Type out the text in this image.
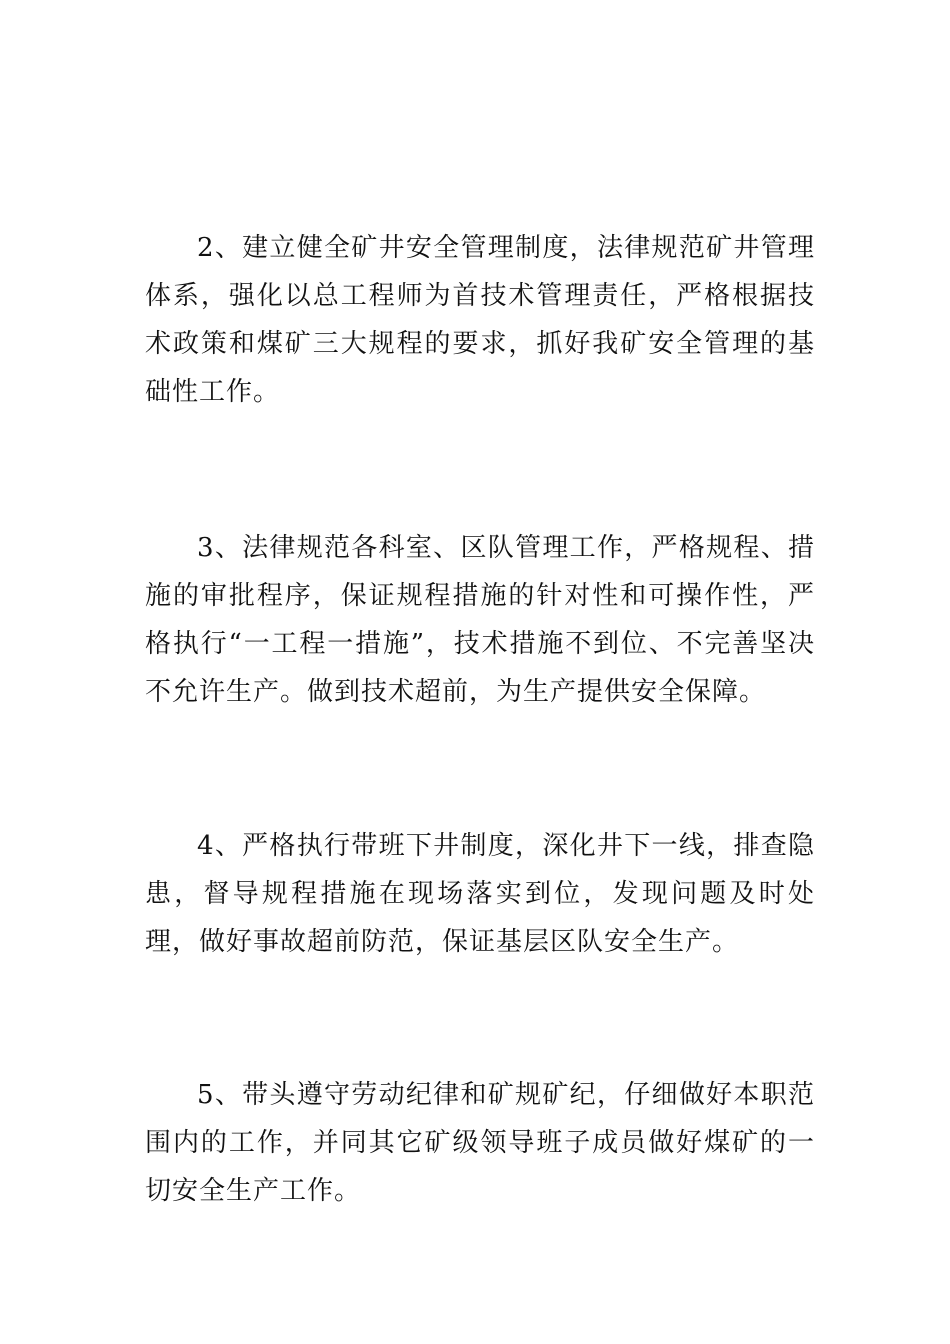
2、建立健全矿井安全管理制度，法律规范矿井管理体系，强化以总工程师为首技术管理责任，严格根据技术政策和煤矿三大规程的要求，抓好我矿安全管理的基础性工作。

3、法律规范各科室、区队管理工作，严格规程、措施的审批程序，保证规程措施的针对性和可操作性，严格执行“一工程一措施”，技术措施不到位、不完善坚决不允许生产。做到技术超前，为生产提供安全保障。

4、严格执行带班下井制度，深化井下一线，排查隐患，督导规程措施在现场落实到位，发现问题及时处理，做好事故超前防范，保证基层区队安全生产。

5、带头遵守劳动纪律和矿规矿纪，仔细做好本职范围内的工作，并同其它矿级领导班子成员做好煤矿的一切安全生产工作。
